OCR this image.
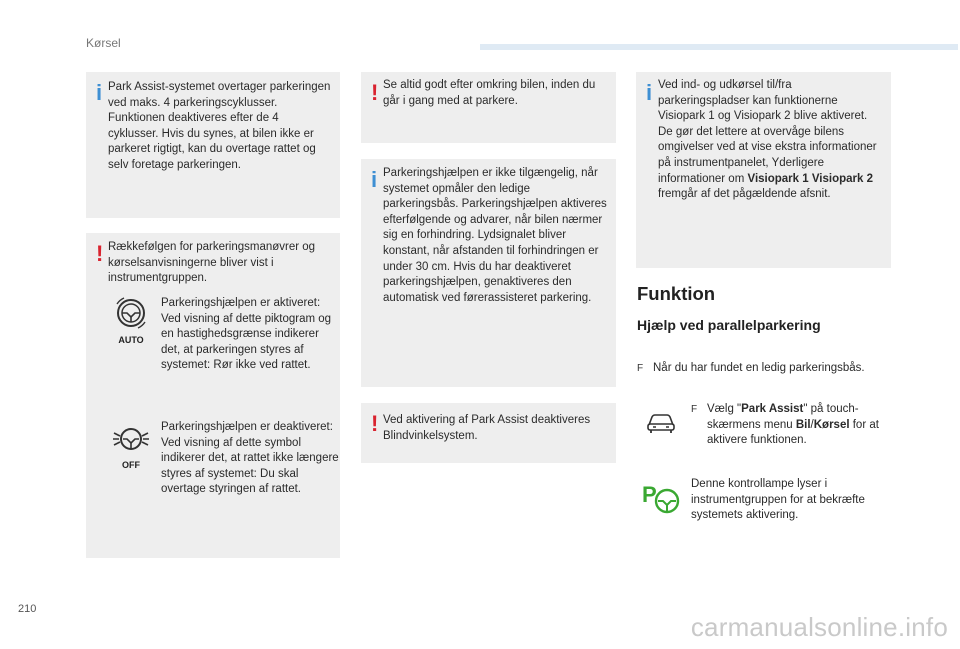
Kørsel
i Park Assist-systemet overtager parkeringen ved maks. 4 parkeringscyklusser. Funktionen deaktiveres efter de 4 cyklusser. Hvis du synes, at bilen ikke er parkeret rigtigt, kan du overtage rattet og selv foretage parkeringen.

! Rækkefølgen for parkeringsmanøvrer og kørselsanvisningerne bliver vist i instrumentgruppen.

AUTO
Parkeringshjælpen er aktiveret: Ved visning af dette piktogram og en hastighedsgrænse indikerer det, at parkeringen styres af systemet: Rør ikke ved rattet.
OFF
Parkeringshjælpen er deaktiveret: Ved visning af dette symbol indikerer det, at rattet ikke længere styres af systemet: Du skal overtage styringen af rattet.
! Se altid godt efter omkring bilen, inden du går i gang med at parkere.

i Parkeringshjælpen er ikke tilgængelig, når systemet opmåler den ledige parkeringsbås. Parkeringshjælpen aktiveres efterfølgende og advarer, når bilen nærmer sig en forhindring. Lydsignalet bliver konstant, når afstanden til forhindringen er under 30 cm. Hvis du har deaktiveret parkeringshjælpen, genaktiveres den automatisk ved førerassisteret parkering.

! Ved aktivering af Park Assist deaktiveres Blindvinkelsystem.

i Ved ind- og udkørsel til/fra parkeringspladser kan funktionerne Visiopark 1 og Visiopark 2 blive aktiveret. De gør det lettere at overvåge bilens omgivelser ved at vise ekstra informationer på instrumentpanelet, Yderligere informationer om Visiopark 1 Visiopark 2 fremgår af det pågældende afsnit.

Funktion
Hjælp ved parallelparkering
F Når du har fundet en ledig parkeringsbås.
F Vælg "Park Assist" på touch-skærmens menu Bil/Kørsel for at aktivere funktionen.
P	Denne kontrollampe lyser i instrumentgruppen for at bekræfte systemets aktivering.
210
carmanualsonline.info
